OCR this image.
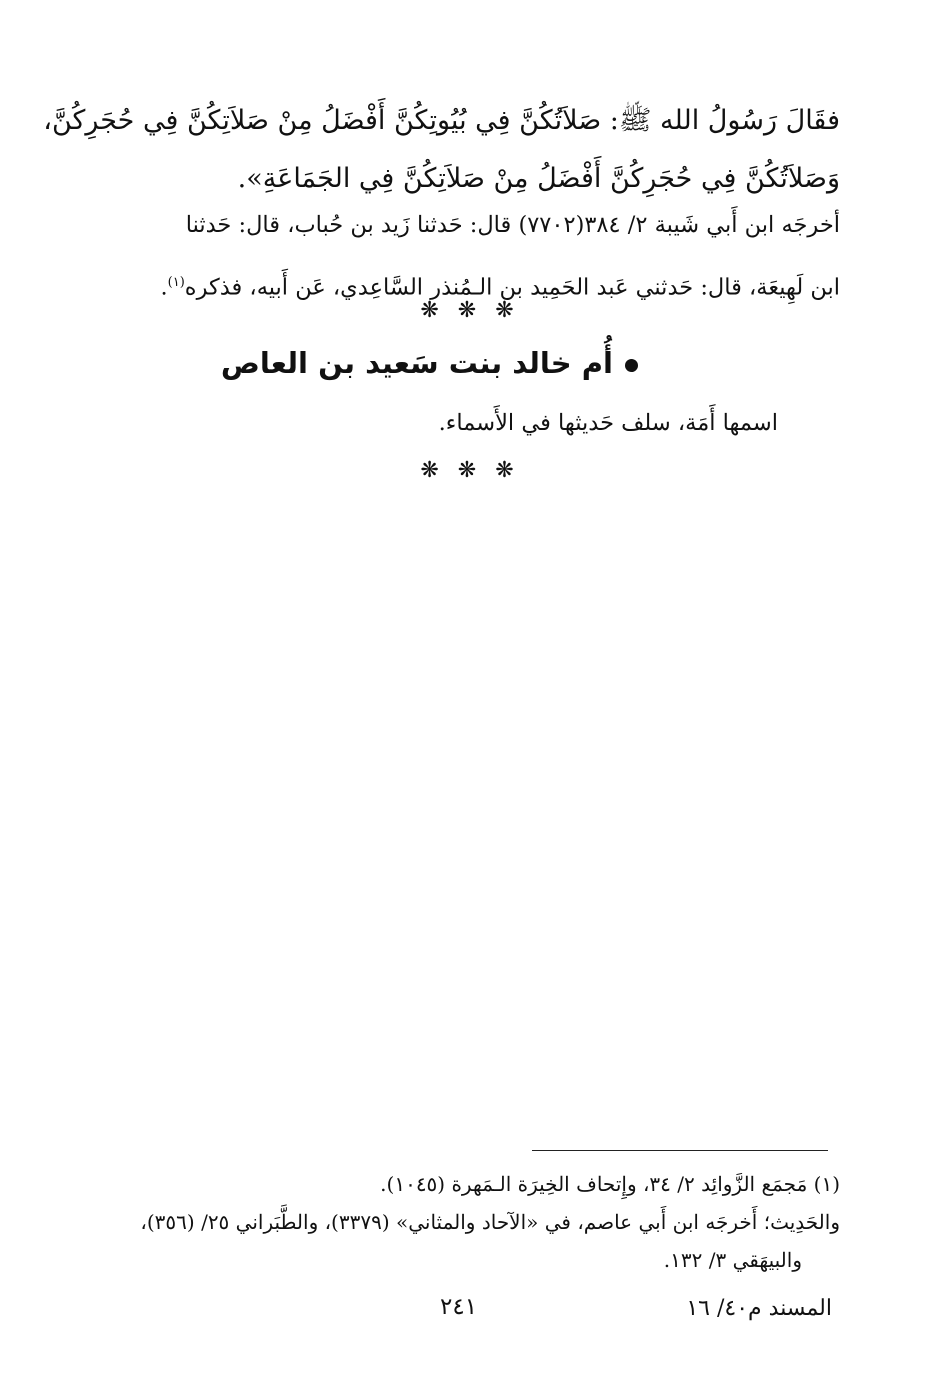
فقَالَ رَسُولُ الله ﷺ: صَلاَتُكُنَّ فِي بُيُوتِكُنَّ أَفْضَلُ مِنْ صَلاَتِكُنَّ فِي حُجَرِكُنَّ،
وَصَلاَتُكُنَّ فِي حُجَرِكُنَّ أَفْضَلُ مِنْ صَلاَتِكُنَّ فِي الجَمَاعَةِ».
أخرجَه ابن أَبي شَيبة ٢/ ٣٨٤(٧٧٠٢) قال: حَدثنا زَيد بن حُباب، قال: حَدثنا
ابن لَهِيعَة، قال: حَدثني عَبد الحَمِيد بن الـمُنذر السَّاعِدي، عَن أَبيه، فذكره$^{(١)}$.
❋ ❋ ❋
أُم خالد بنت سَعيد بن العاص
اسمها أَمَة، سلف حَديثها في الأَسماء.
❋ ❋ ❋
(١) مَجمَع الزَّوائِد ٢/ ٣٤، وإِتحاف الخِيرَة الـمَهرة (١٠٤٥).
والحَدِيث؛ أَخرجَه ابن أَبي عاصم، في «الآحاد والمثاني» (٣٣٧٩)، والطَّبَراني ٢٥/ (٣٥٦)،
والبيهَقي ٣/ ١٣٢.
٢٤١	المسند م٤٠/ ١٦
